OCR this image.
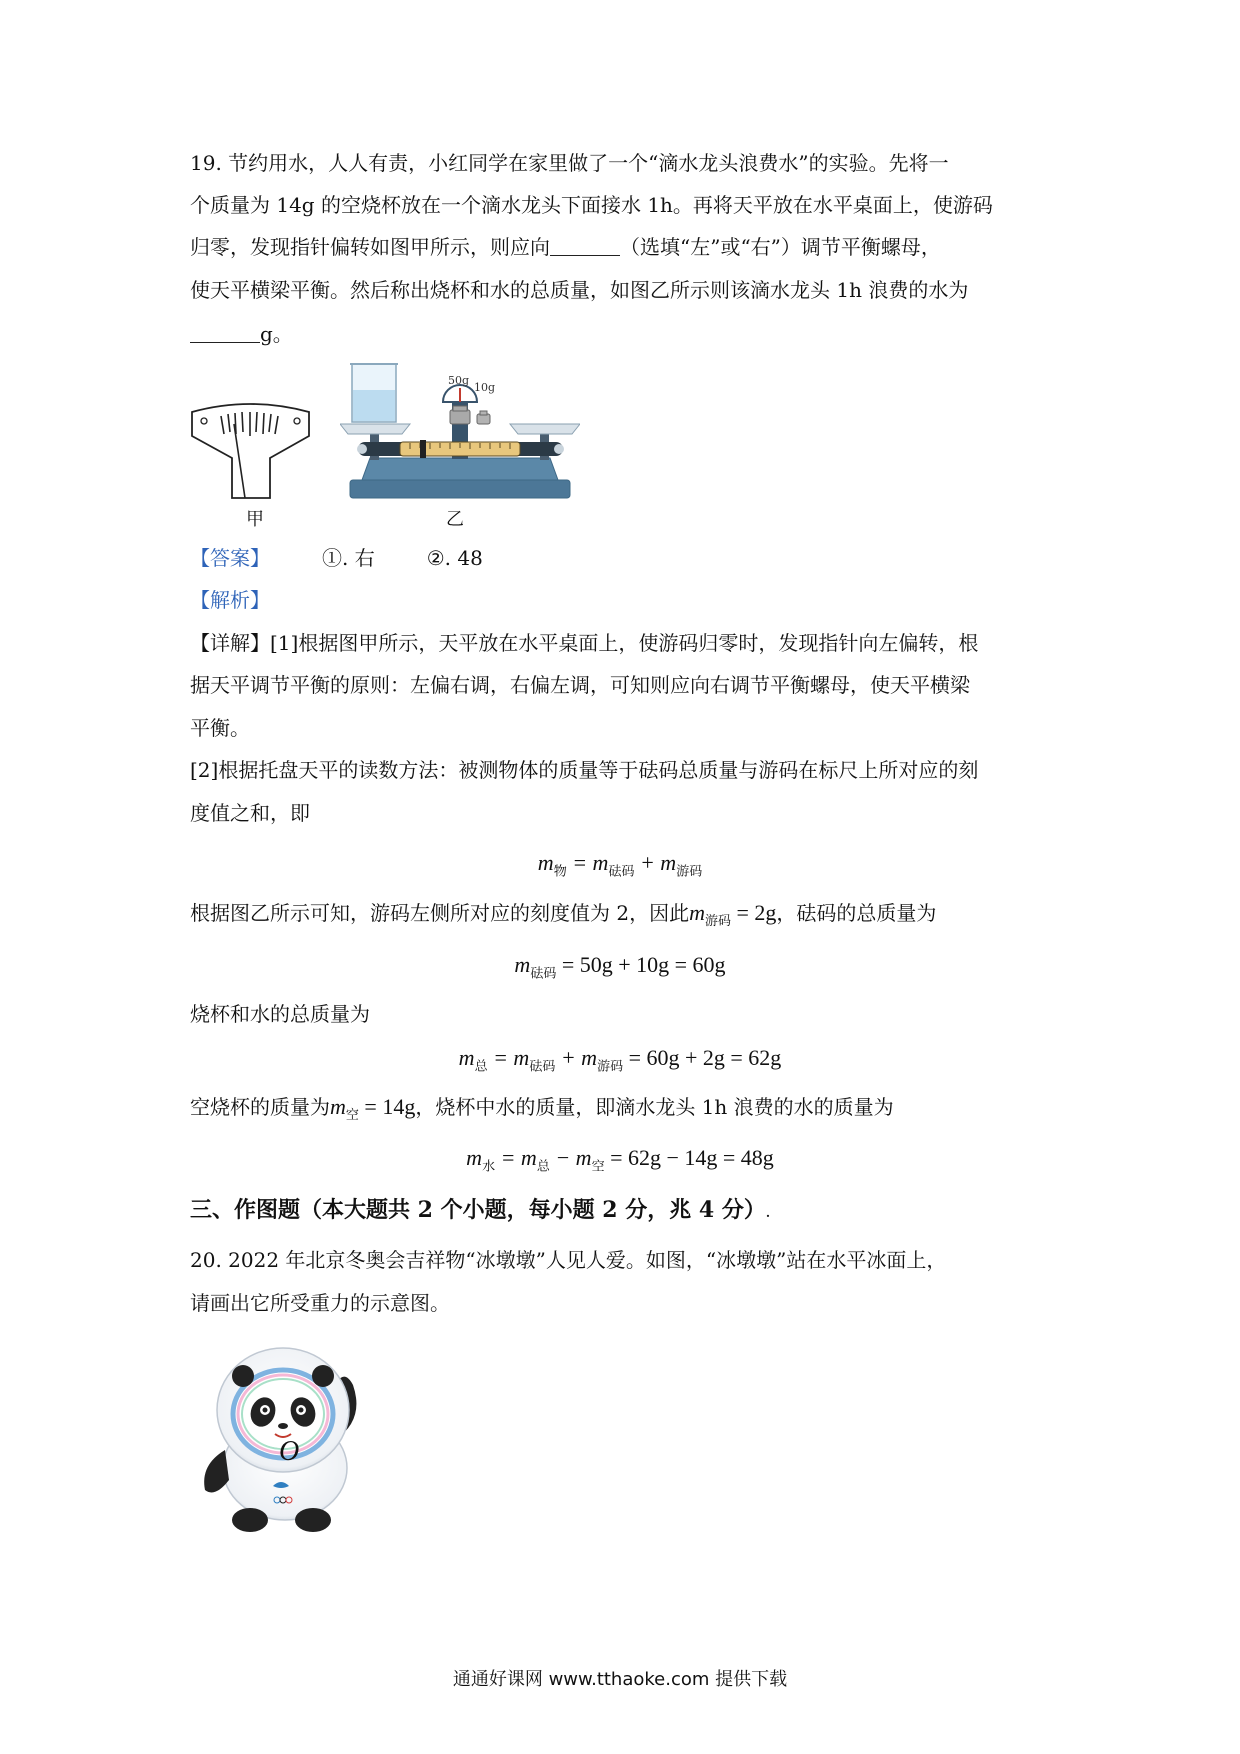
19. 节约用水，人人有责，小红同学在家里做了一个“滴水龙头浪费水”的实验。先将一

个质量为 14g 的空烧杯放在一个滴水龙头下面接水 1h。再将天平放在水平桌面上，使游码

归零，发现指针偏转如图甲所示，则应向	（选填“左”或“右”）调节平衡螺母，

使天平横梁平衡。然后称出烧杯和水的总质量，如图乙所示则该滴水龙头 1h 浪费的水为

g。

甲
50g
10g
乙

【答案】	①. 右	②. 48

【解析】

【详解】[1]根据图甲所示，天平放在水平桌面上，使游码归零时，发现指针向左偏转，根

据天平调节平衡的原则：左偏右调，右偏左调，可知则应向右调节平衡螺母，使天平横梁

平衡。

[2]根据托盘天平的读数方法：被测物体的质量等于砝码总质量与游码在标尺上所对应的刻

度值之和，即

$m_物 = m_{砝码} + m_{游码}$

根据图乙所示可知，游码左侧所对应的刻度值为 2，因此$m_{游码} = 2g$，砝码的总质量为

$m_{砝码} = 50g + 10g = 60g$

烧杯和水的总质量为

$m_总 = m_{砝码} + m_{游码} = 60g + 2g = 62g$

空烧杯的质量为$m_空 = 14g$，烧杯中水的质量，即滴水龙头 1h 浪费的水的质量为

$m_水 = m_总 - m_空 = 62g - 14g = 48g$

三、作图题（本大题共 2 个小题，每小题 2 分，兆 4 分）.

20. 2022 年北京冬奥会吉祥物“冰墩墩”人见人爱。如图，“冰墩墩”站在水平冰面上，

请画出它所受重力的示意图。

O
通通好课网 www.tthaoke.com 提供下载
